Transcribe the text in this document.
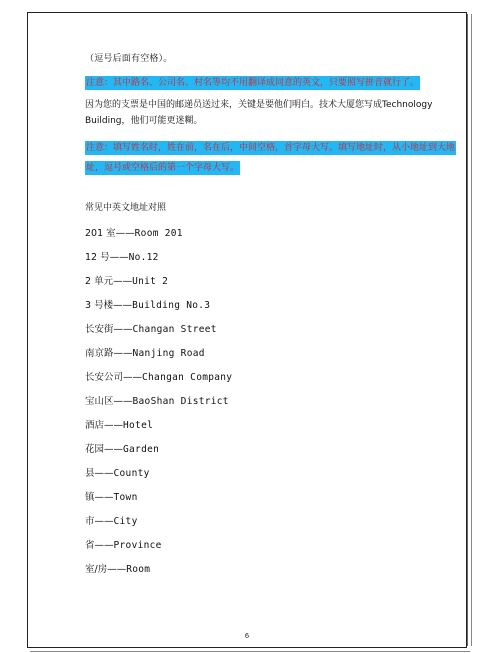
（逗号后面有空格）。

注意：其中路名、公司名、村名等均不用翻译成同意的英文，只要照写拼音就行了。

因为您的支票是中国的邮递员送过来，关键是要他们明白。技术大厦您写成Technology Building，他们可能更迷糊。

注意：填写姓名时，姓在前，名在后，中间空格，首字母大写。填写地址时，从小地址到大地址，逗号或空格后的第一个字母大写。

常见中英文地址对照

201 室 —— Room 201
12 号 —— No.12
2 单元 —— Unit 2
3 号楼 —— Building No.3
长安街 —— Changan Street
南京路 —— Nanjing Road
长安公司 —— Changan Company
宝山区 —— BaoShan District
酒店 —— Hotel
花园 —— Garden
县 —— County
镇 —— Town
市 —— City
省 —— Province
室/房 —— Room
6
